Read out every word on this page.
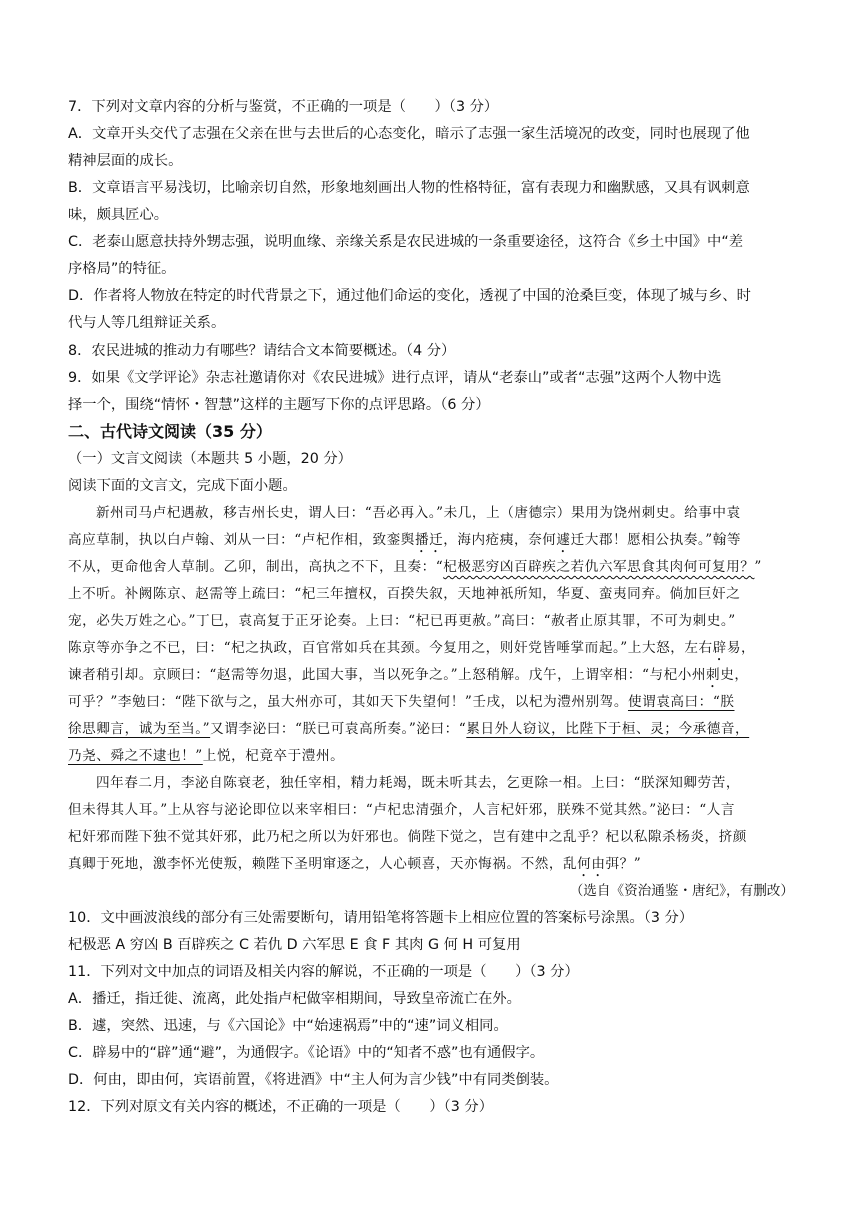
7．下列对文章内容的分析与鉴赏，不正确的一项是（　　）（3 分）
A．文章开头交代了志强在父亲在世与去世后的心态变化，暗示了志强一家生活境况的改变，同时也展现了他
精神层面的成长。
B．文章语言平易浅切，比喻亲切自然，形象地刻画出人物的性格特征，富有表现力和幽默感，又具有讽刺意
味，颇具匠心。
C．老泰山愿意扶持外甥志强，说明血缘、亲缘关系是农民进城的一条重要途径，这符合《乡土中国》中“差
序格局”的特征。
D．作者将人物放在特定的时代背景之下，通过他们命运的变化，透视了中国的沧桑巨变，体现了城与乡、时
代与人等几组辩证关系。
8．农民进城的推动力有哪些？请结合文本简要概述。（4 分）
9．如果《文学评论》杂志社邀请你对《农民进城》进行点评，请从“老泰山”或者“志强”这两个人物中选
择一个，围绕“情怀・智慧”这样的主题写下你的点评思路。（6 分）
二、古代诗文阅读（35 分）
（一）文言文阅读（本题共 5 小题，20 分）
阅读下面的文言文，完成下面小题。
新州司马卢杞遇赦，移吉州长史，谓人曰：“吾必再入。”未几，上（唐德宗）果用为饶州刺史。给事中袁
高应草制，执以白卢翰、刘从一曰：“卢杞作相，致銮舆播迁，海内疮痍，奈何遽迁大郡！愿相公执奏。”翰等
不从，更命他舍人草制。乙卯，制出，高执之不下，且奏：“杞极恶穷凶百辟疾之若仇六军思食其肉何可复用？”
上不听。补阙陈京、赵需等上疏曰：“杞三年擅权，百揆失叙，天地神祇所知，华夏、蛮夷同弃。倘加巨奸之
宠，必失万姓之心。”丁巳，袁高复于正牙论奏。上曰：“杞已再更赦。”高曰：“赦者止原其罪，不可为刺史。”
陈京等亦争之不已，曰：“杞之执政，百官常如兵在其颈。今复用之，则奸党皆唾掌而起。”上大怒，左右辟易，
谏者稍引却。京顾曰：“赵需等勿退，此国大事，当以死争之。”上怒稍解。戊午，上谓宰相：“与杞小州刺史，
可乎？”李勉曰：“陛下欲与之，虽大州亦可，其如天下失望何！”壬戌，以杞为澧州别驾。使谓袁高曰：“朕
徐思卿言，诚为至当。”又谓李泌曰：“朕已可袁高所奏。”泌曰：“累日外人窃议，比陛下于桓、灵；今承德音，
乃尧、舜之不逮也！”上悦，杞竟卒于澧州。
四年春二月，李泌自陈衰老，独任宰相，精力耗竭，既未听其去，乞更除一相。上曰：“朕深知卿劳苦，
但未得其人耳。”上从容与泌论即位以来宰相曰：“卢杞忠清强介，人言杞奸邪，朕殊不觉其然。”泌曰：“人言
杞奸邪而陛下独不觉其奸邪，此乃杞之所以为奸邪也。倘陛下觉之，岂有建中之乱乎？杞以私隙杀杨炎，挤颜
真卿于死地，激李怀光使叛，赖陛下圣明窜逐之，人心顿喜，天亦悔祸。不然，乱何由弭？”
（选自《资治通鉴・唐纪》，有删改）
10．文中画波浪线的部分有三处需要断句，请用铅笔将答题卡上相应位置的答案标号涂黑。（3 分）
杞极恶 A 穷凶 B 百辟疾之 C 若仇 D 六军思 E 食 F 其肉 G 何 H 可复用
11．下列对文中加点的词语及相关内容的解说，不正确的一项是（　　）（3 分）
A．播迁，指迁徙、流离，此处指卢杞做宰相期间，导致皇帝流亡在外。
B．遽，突然、迅速，与《六国论》中“始速祸焉”中的“速”词义相同。
C．辟易中的“辟”通“避”，为通假字。《论语》中的“知者不惑”也有通假字。
D．何由，即由何，宾语前置，《将进酒》中“主人何为言少钱”中有同类倒装。
12．下列对原文有关内容的概述，不正确的一项是（　　）（3 分）
